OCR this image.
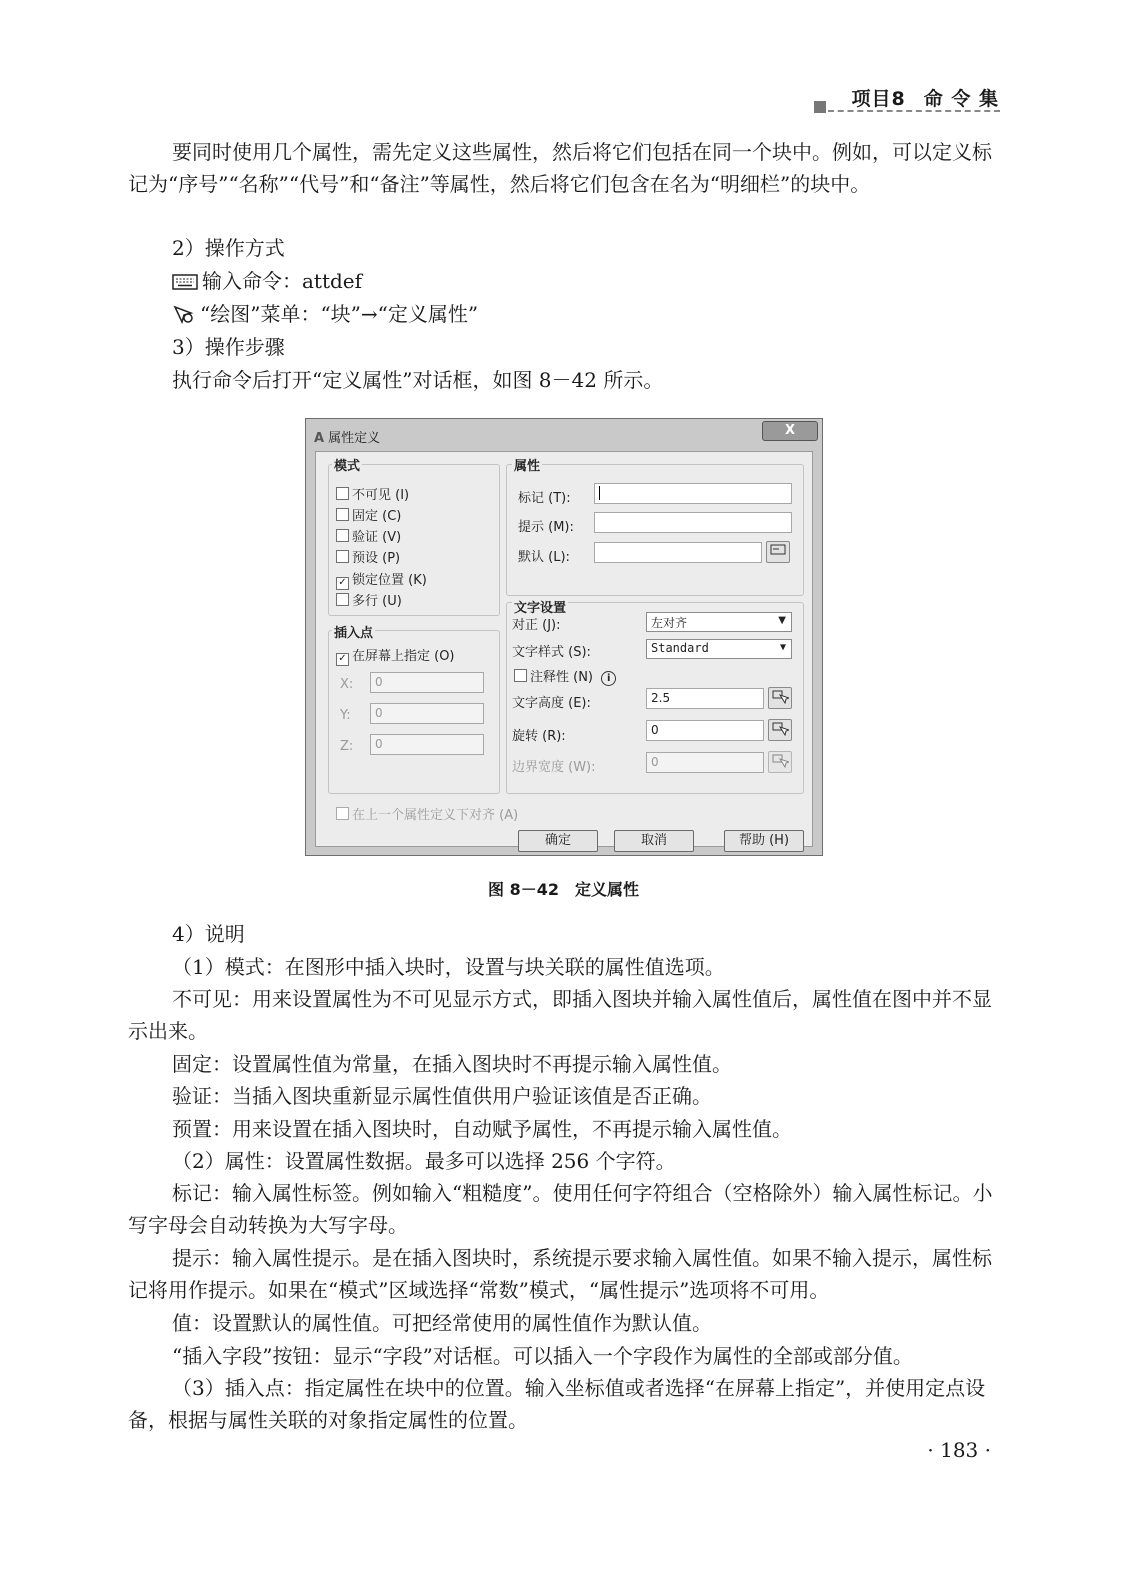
项目8 命 令 集
要同时使用几个属性，需先定义这些属性，然后将它们包括在同一个块中。例如，可以定义标记为“序号”“名称”“代号”和“备注”等属性，然后将它们包含在名为“明细栏”的块中。
2）操作方式
输入命令：attdef
“绘图”菜单：“块”→“定义属性”
3）操作步骤
执行命令后打开“定义属性”对话框，如图 8－42 所示。
A 属性定义
X
模式
不可见 (I)
固定 (C)
验证 (V)
预设 (P)
✓ 锁定位置 (K)
多行 (U)
插入点
✓ 在屏幕上指定 (O)
X:	0
Y:	0
Z:	0
属性
标记 (T):
提示 (M):
默认 (L):
文字设置
对正 (J):	左对齐	▼
文字样式 (S):	Standard	▼
注释性 (N) i
文字高度 (E):	2.5
旋转 (R):	0
边界宽度 (W):	0
在上一个属性定义下对齐 (A)
确定	取消	帮助 (H)
图 8－42　定义属性
4）说明
（1）模式：在图形中插入块时，设置与块关联的属性值选项。
不可见：用来设置属性为不可见显示方式，即插入图块并输入属性值后，属性值在图中并不显示出来。
固定：设置属性值为常量，在插入图块时不再提示输入属性值。
验证：当插入图块重新显示属性值供用户验证该值是否正确。
预置：用来设置在插入图块时，自动赋予属性，不再提示输入属性值。
（2）属性：设置属性数据。最多可以选择 256 个字符。
标记：输入属性标签。例如输入“粗糙度”。使用任何字符组合（空格除外）输入属性标记。小写字母会自动转换为大写字母。
提示：输入属性提示。是在插入图块时，系统提示要求输入属性值。如果不输入提示，属性标记将用作提示。如果在“模式”区域选择“常数”模式，“属性提示”选项将不可用。
值：设置默认的属性值。可把经常使用的属性值作为默认值。
“插入字段”按钮：显示“字段”对话框。可以插入一个字段作为属性的全部或部分值。
（3）插入点：指定属性在块中的位置。输入坐标值或者选择“在屏幕上指定”，并使用定点设备，根据与属性关联的对象指定属性的位置。
· 183 ·
